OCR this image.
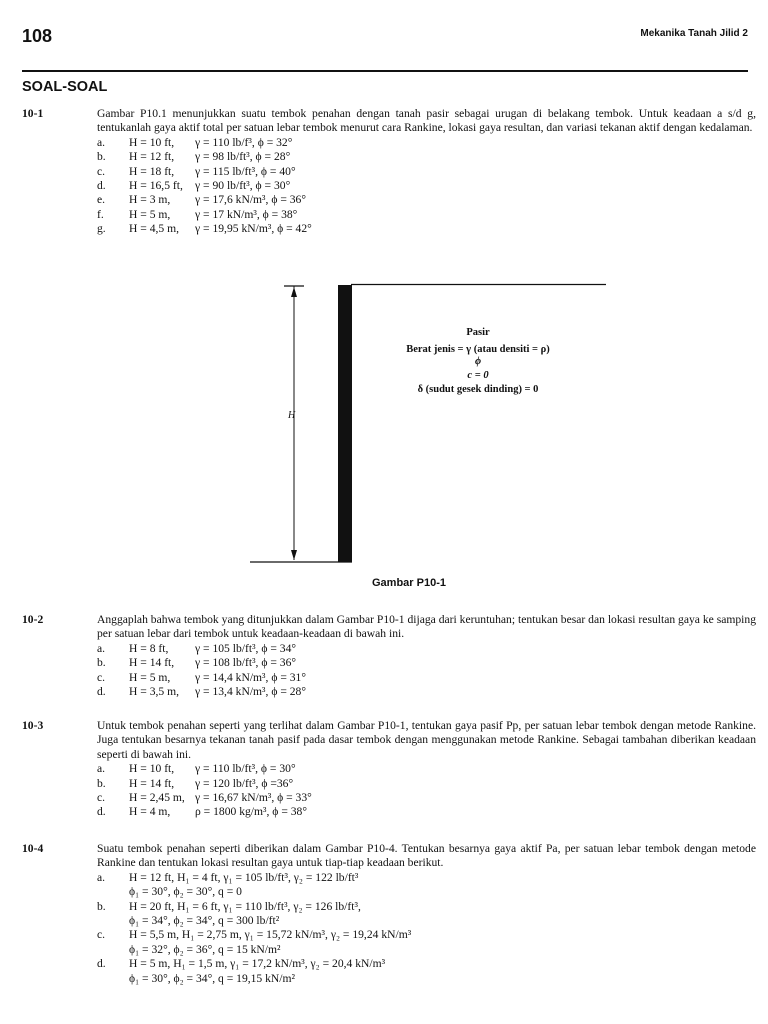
108	Mekanika Tanah Jilid 2
SOAL-SOAL
10-1	Gambar P10.1 menunjukkan suatu tembok penahan dengan tanah pasir sebagai urugan di belakang tembok. Untuk keadaan a s/d g, tentukanlah gaya aktif total per satuan lebar tembok menurut cara Rankine, lokasi gaya resultan, dan variasi tekanan aktif dengan kedalaman.
a.	H = 10 ft,	γ = 110 lb/f³, ϕ = 32°
b.	H = 12 ft,	γ = 98 lb/ft³, ϕ = 28°
c.	H = 18 ft,	γ = 115 lb/ft³, ϕ = 40°
d.	H = 16,5 ft,	γ = 90 lb/ft³, ϕ = 30°
e.	H = 3 m,	γ = 17,6 kN/m³, ϕ = 36°
f.	H = 5 m,	γ = 17 kN/m³, ϕ = 38°
g.	H = 4,5 m,	γ = 19,95 kN/m³, ϕ = 42°
H
Pasir
Berat jenis = γ (atau densiti = ρ)
ϕ
c = 0
δ (sudut gesek dinding) = 0
Gambar P10-1
10-2	Anggaplah bahwa tembok yang ditunjukkan dalam Gambar P10-1 dijaga dari keruntuhan; tentukan besar dan lokasi resultan gaya ke samping per satuan lebar dari tembok untuk keadaan-keadaan di bawah ini.
a.	H = 8 ft,	γ = 105 lb/ft³, ϕ = 34°
b.	H = 14 ft,	γ = 108 lb/ft³, ϕ = 36°
c.	H = 5 m,	γ = 14,4 kN/m³, ϕ = 31°
d.	H = 3,5 m,	γ = 13,4 kN/m³, ϕ = 28°
10-3	Untuk tembok penahan seperti yang terlihat dalam Gambar P10-1, tentukan gaya pasif Pp, per satuan lebar tembok dengan metode Rankine. Juga tentukan besarnya tekanan tanah pasif pada dasar tembok dengan menggunakan metode Rankine. Sebagai tambahan diberikan keadaan seperti di bawah ini.
a.	H = 10 ft,	γ = 110 lb/ft³, ϕ = 30°
b.	H = 14 ft,	γ = 120 lb/ft³, ϕ =36°
c.	H = 2,45 m, γ = 16,67 kN/m³, ϕ = 33°
d.	H = 4 m,	ρ = 1800 kg/m³, ϕ = 38°
10-4	Suatu tembok penahan seperti diberikan dalam Gambar P10-4. Tentukan besarnya gaya aktif Pa, per satuan lebar tembok dengan metode Rankine dan tentukan lokasi resultan gaya untuk tiap-tiap keadaan berikut.
a.	H = 12 ft, H₁ = 4 ft, γ₁ = 105 lb/ft³, γ₂ = 122 lb/ft³
ϕ₁ = 30°, ϕ₂ = 30°, q = 0
b.	H = 20 ft, H₁ = 6 ft, γ₁ = 110 lb/ft³, γ₂ = 126 lb/ft³,
ϕ₁ = 34°, ϕ₂ = 34°, q = 300 lb/ft²
c.	H = 5,5 m, H₁ = 2,75 m, γ₁ = 15,72 kN/m³, γ₂ = 19,24 kN/m³
ϕ₁ = 32°, ϕ₂ = 36°, q = 15 kN/m²
d.	H = 5 m, H₁ = 1,5 m, γ₁ = 17,2 kN/m³, γ₂ = 20,4 kN/m³
ϕ₁ = 30°, ϕ₂ = 34°, q = 19,15 kN/m²
